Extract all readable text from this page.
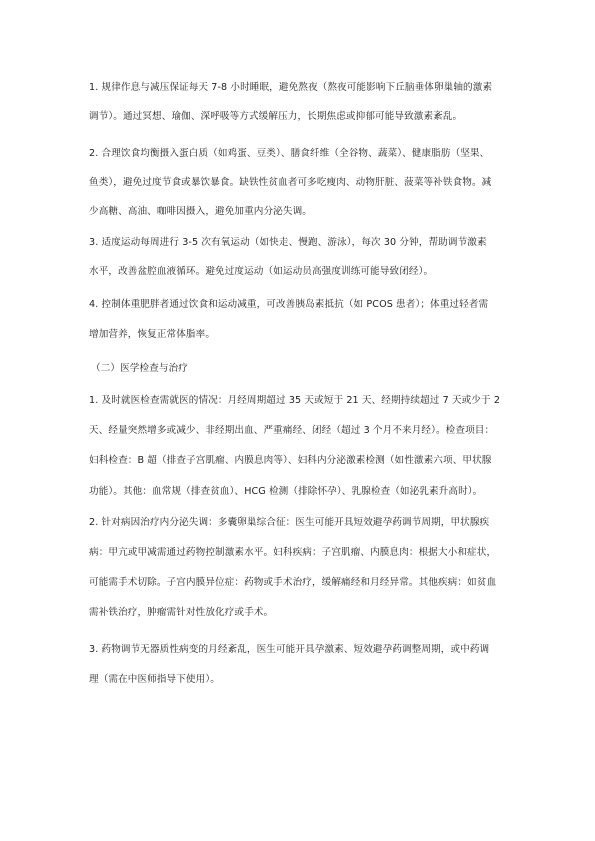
1. 规律作息与减压保证每天 7-8 小时睡眠，避免熬夜（熬夜可能影响下丘脑垂体卵巢轴的激素
调节）。通过冥想、瑜伽、深呼吸等方式缓解压力，长期焦虑或抑郁可能导致激素紊乱。
2. 合理饮食均衡摄入蛋白质（如鸡蛋、豆类）、膳食纤维（全谷物、蔬菜）、健康脂肪（坚果、
鱼类），避免过度节食或暴饮暴食。缺铁性贫血者可多吃瘦肉、动物肝脏、菠菜等补铁食物。减
少高糖、高油、咖啡因摄入，避免加重内分泌失调。
3. 适度运动每周进行 3-5 次有氧运动（如快走、慢跑、游泳），每次 30 分钟，帮助调节激素
水平，改善盆腔血液循环。避免过度运动（如运动员高强度训练可能导致闭经）。
4. 控制体重肥胖者通过饮食和运动减重，可改善胰岛素抵抗（如 PCOS 患者）；体重过轻者需
增加营养，恢复正常体脂率。
（二）医学检查与治疗
1. 及时就医检查需就医的情况：月经周期超过 35 天或短于 21 天、经期持续超过 7 天或少于 2
天、经量突然增多或减少、非经期出血、严重痛经、闭经（超过 3 个月不来月经）。检查项目：
妇科检查：B 超（排查子宫肌瘤、内膜息肉等）、妇科内分泌激素检测（如性激素六项、甲状腺
功能）。其他：血常规（排查贫血）、HCG 检测（排除怀孕）、乳腺检查（如泌乳素升高时）。
2. 针对病因治疗内分泌失调：多囊卵巢综合征：医生可能开具短效避孕药调节周期，甲状腺疾
病：甲亢或甲减需通过药物控制激素水平。妇科疾病：子宫肌瘤、内膜息肉：根据大小和症状，
可能需手术切除。子宫内膜异位症：药物或手术治疗，缓解痛经和月经异常。其他疾病：如贫血
需补铁治疗，肿瘤需针对性放化疗或手术。
3. 药物调节无器质性病变的月经紊乱，医生可能开具孕激素、短效避孕药调整周期，或中药调
理（需在中医师指导下使用）。
